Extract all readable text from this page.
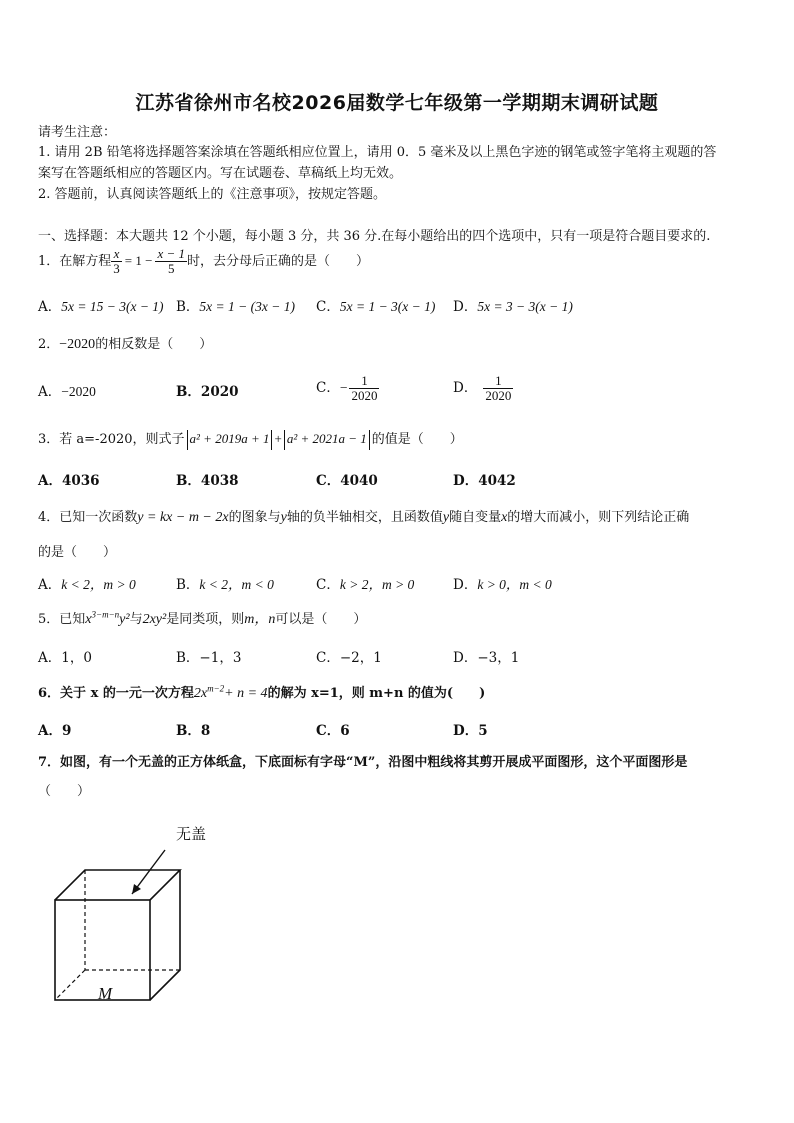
江苏省徐州市名校2026届数学七年级第一学期期末调研试题
请考生注意：
1. 请用 2B 铅笔将选择题答案涂填在答题纸相应位置上，请用 0．5 毫米及以上黑色字迹的钢笔或签字笔将主观题的答
案写在答题纸相应的答题区内。写在试题卷、草稿纸上均无效。
2. 答题前，认真阅读答题纸上的《注意事项》，按规定答题。
一、选择题：本大题共 12 个小题，每小题 3 分，共 36 分.在每小题给出的四个选项中，只有一项是符合题目要求的.
1．在解方程 $\frac{x}{3} = 1 - \frac{x - 1}{5}$ 时，去分母后正确的是（　　）
A．5x = 15 − 3(x − 1) B．5x = 1 − (3x − 1) C．5x = 1 − 3(x − 1) D．5x = 3 − 3(x − 1)
2．−2020的相反数是（　　）
A．−2020	B．2020	C．− $\frac{1}{2020}$	D． $\frac{1}{2020}$
3．若 a=-2020，则式子 a² + 2019a + 1 + a² + 2021a − 1 的值是（　　）
A．4036	B．4038	C．4040	D．4042
4．已知一次函数y = kx − m − 2x的图象与y轴的负半轴相交，且函数值y随自变量x的增大而减小，则下列结论正确
的是（　　）
A．k < 2，m > 0	B．k < 2，m < 0	C．k > 2，m > 0	D．k > 0，m < 0
5．已知$x^{3-m-n}y^2$与2xy²是同类项，则m，n可以是（　　）
A．1，0	B．−1，3	C．−2，1	D．−3，1
6．关于 x 的一元一次方程$2x^{m-2}+ n = 4$的解为 x=1，则 m+n 的值为(　　)
A．9	B．8	C．6	D．5
7．如图，有一个无盖的正方体纸盒，下底面标有字母“M”，沿图中粗线将其剪开展成平面图形，这个平面图形是
（　　）
无盖
M
